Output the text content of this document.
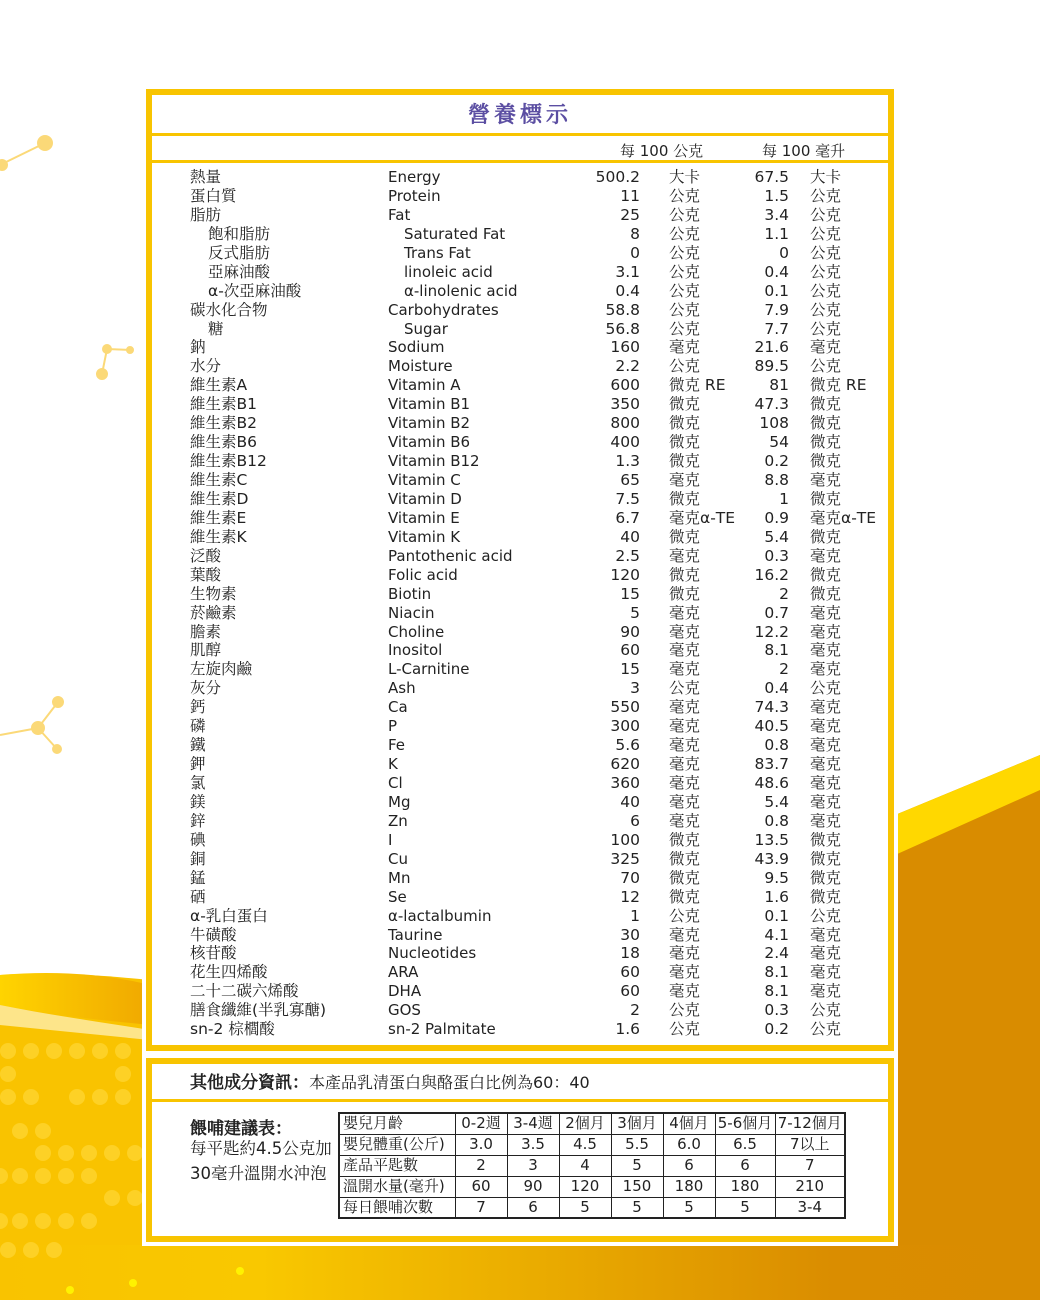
營養標示
每 100 公克	每 100 毫升
熱量	Energy	500.2 大卡	67.5 大卡
蛋白質	Protein	11 公克	1.5 公克
脂肪	Fat	25 公克	3.4 公克
飽和脂肪	Saturated Fat	8 公克	1.1 公克
反式脂肪	Trans Fat	0 公克	0 公克
亞麻油酸	linoleic acid	3.1 公克	0.4 公克
α-次亞麻油酸	α-linolenic acid	0.4 公克	0.1 公克
碳水化合物	Carbohydrates	58.8 公克	7.9 公克
糖	Sugar	56.8 公克	7.7 公克
鈉	Sodium	160 毫克	21.6 毫克
水分	Moisture	2.2 公克	89.5 公克
維生素A	Vitamin A	600 微克 RE	81 微克 RE
維生素B1	Vitamin B1	350 微克	47.3 微克
維生素B2	Vitamin B2	800 微克	108 微克
維生素B6	Vitamin B6	400 微克	54 微克
維生素B12	Vitamin B12	1.3 微克	0.2 微克
維生素C	Vitamin C	65 毫克	8.8 毫克
維生素D	Vitamin D	7.5 微克	1 微克
維生素E	Vitamin E	6.7 毫克α-TE 0.9 毫克α-TE
維生素K	Vitamin K	40 微克	5.4 微克
泛酸	Pantothenic acid	2.5 毫克	0.3 毫克
葉酸	Folic acid	120 微克	16.2 微克
生物素	Biotin	15 微克	2 微克
菸鹼素	Niacin	5 毫克	0.7 毫克
膽素	Choline	90 毫克	12.2 毫克
肌醇	Inositol	60 毫克	8.1 毫克
左旋肉鹼	L-Carnitine	15 毫克	2 毫克
灰分	Ash	3 公克	0.4 公克
鈣	Ca	550 毫克	74.3 毫克
磷	P	300 毫克	40.5 毫克
鐵	Fe	5.6 毫克	0.8 毫克
鉀	K	620 毫克	83.7 毫克
氯	Cl	360 毫克	48.6 毫克
鎂	Mg	40 毫克	5.4 毫克
鋅	Zn	6 毫克	0.8 毫克
碘	I	100 微克	13.5 微克
銅	Cu	325 微克	43.9 微克
錳	Mn	70 微克	9.5 微克
硒	Se	12 微克	1.6 微克
α-乳白蛋白	α-lactalbumin	1 公克	0.1 公克
牛磺酸	Taurine	30 毫克	4.1 毫克
核苷酸	Nucleotides	18 毫克	2.4 毫克
花生四烯酸	ARA	60 毫克	8.1 毫克
二十二碳六烯酸	DHA	60 毫克	8.1 毫克
膳食纖維(半乳寡醣)	GOS	2 公克	0.3 公克
sn-2 棕櫚酸	sn-2 Palmitate	1.6 公克	0.2 公克
其他成分資訊：本產品乳清蛋白與酪蛋白比例為60：40
餵哺建議表：
每平匙約4.5公克加30毫升溫開水沖泡
嬰兒月齡	0-2週	3-4週	2個月	3個月	4個月	5-6個月	7-12個月
嬰兒體重(公斤)	3.0	3.5	4.5	5.5	6.0	6.5	7以上
產品平匙數	2	3	4	5	6	6	7
溫開水量(毫升)	60	90	120	150	180	180	210
每日餵哺次數	7	6	5	5	5	5	3-4
